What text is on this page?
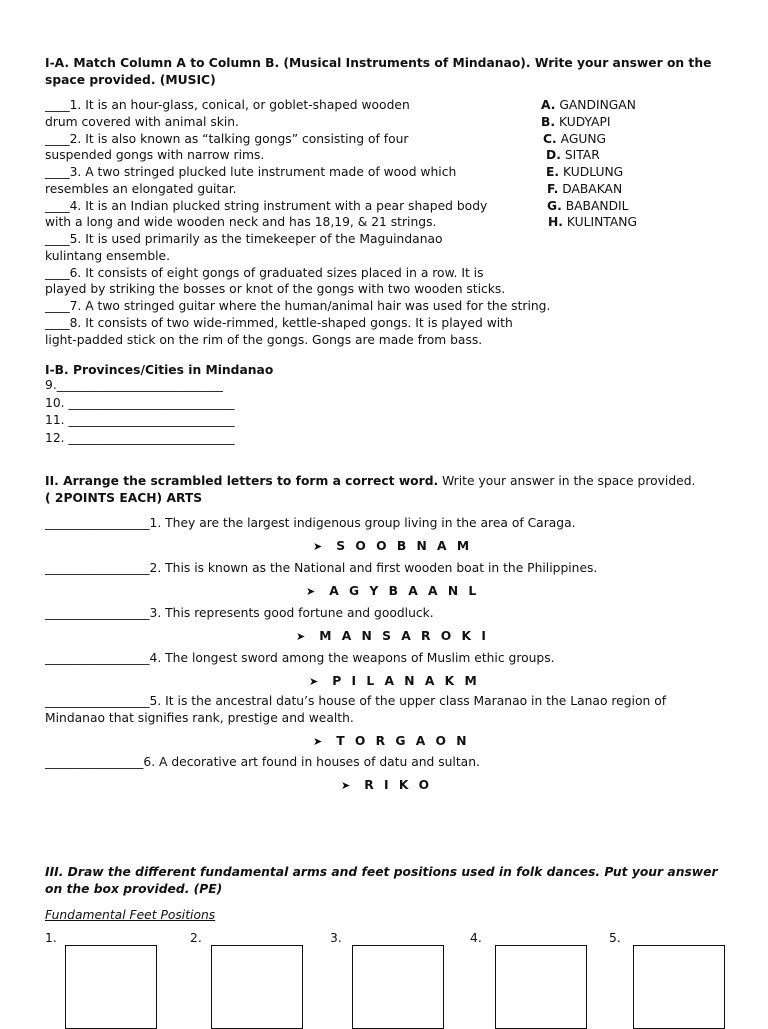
I-A. Match Column A to Column B. (Musical Instruments of Mindanao). Write your answer on the space provided. (MUSIC)
____1. It is an hour-glass, conical, or goblet-shaped wooden
drum covered with animal skin.
____2. It is also known as “talking gongs” consisting of four
suspended gongs with narrow rims.
____3. A two stringed plucked lute instrument made of wood which
resembles an elongated guitar.
____4. It is an Indian plucked string instrument with a pear shaped body
with a long and wide wooden neck and has 18,19, & 21 strings.
____5. It is used primarily as the timekeeper of the Maguindanao
kulintang ensemble.
____6. It consists of eight gongs of graduated sizes placed in a row. It is
played by striking the bosses or knot of the gongs with two wooden sticks.
____7. A two stringed guitar where the human/animal hair was used for the string.
____8. It consists of two wide-rimmed, kettle-shaped gongs. It is played with
light-padded stick on the rim of the gongs. Gongs are made from bass.
A. GANDINGAN
B. KUDYAPI
C. AGUNG
D. SITAR
E. KUDLUNG
F. DABAKAN
G. BABANDIL
H. KULINTANG
I-B. Provinces/Cities in Mindanao
9.___________________________
10. ___________________________
11. ___________________________
12. ___________________________
II. Arrange the scrambled letters to form a correct word. Write your answer in the space provided.
( 2POINTS EACH) ARTS
_________________1. They are the largest indigenous group living in the area of Caraga.
➤ S O O B N A M
_________________2. This is known as the National and first wooden boat in the Philippines.
➤ A G Y B A A N L
_________________3. This represents good fortune and goodluck.
➤ M A N S A R O K I
_________________4. The longest sword among the weapons of Muslim ethic groups.
➤ P I L A N A K M
_________________5. It is the ancestral datu’s house of the upper class Maranao in the Lanao region of
Mindanao that signifies rank, prestige and wealth.
➤ T O R G A O N
________________6. A decorative art found in houses of datu and sultan.
➤ R I K O
III. Draw the different fundamental arms and feet positions used in folk dances. Put your answer
on the box provided. (PE)
Fundamental Feet Positions
1.	2.	3.	4.	5.
